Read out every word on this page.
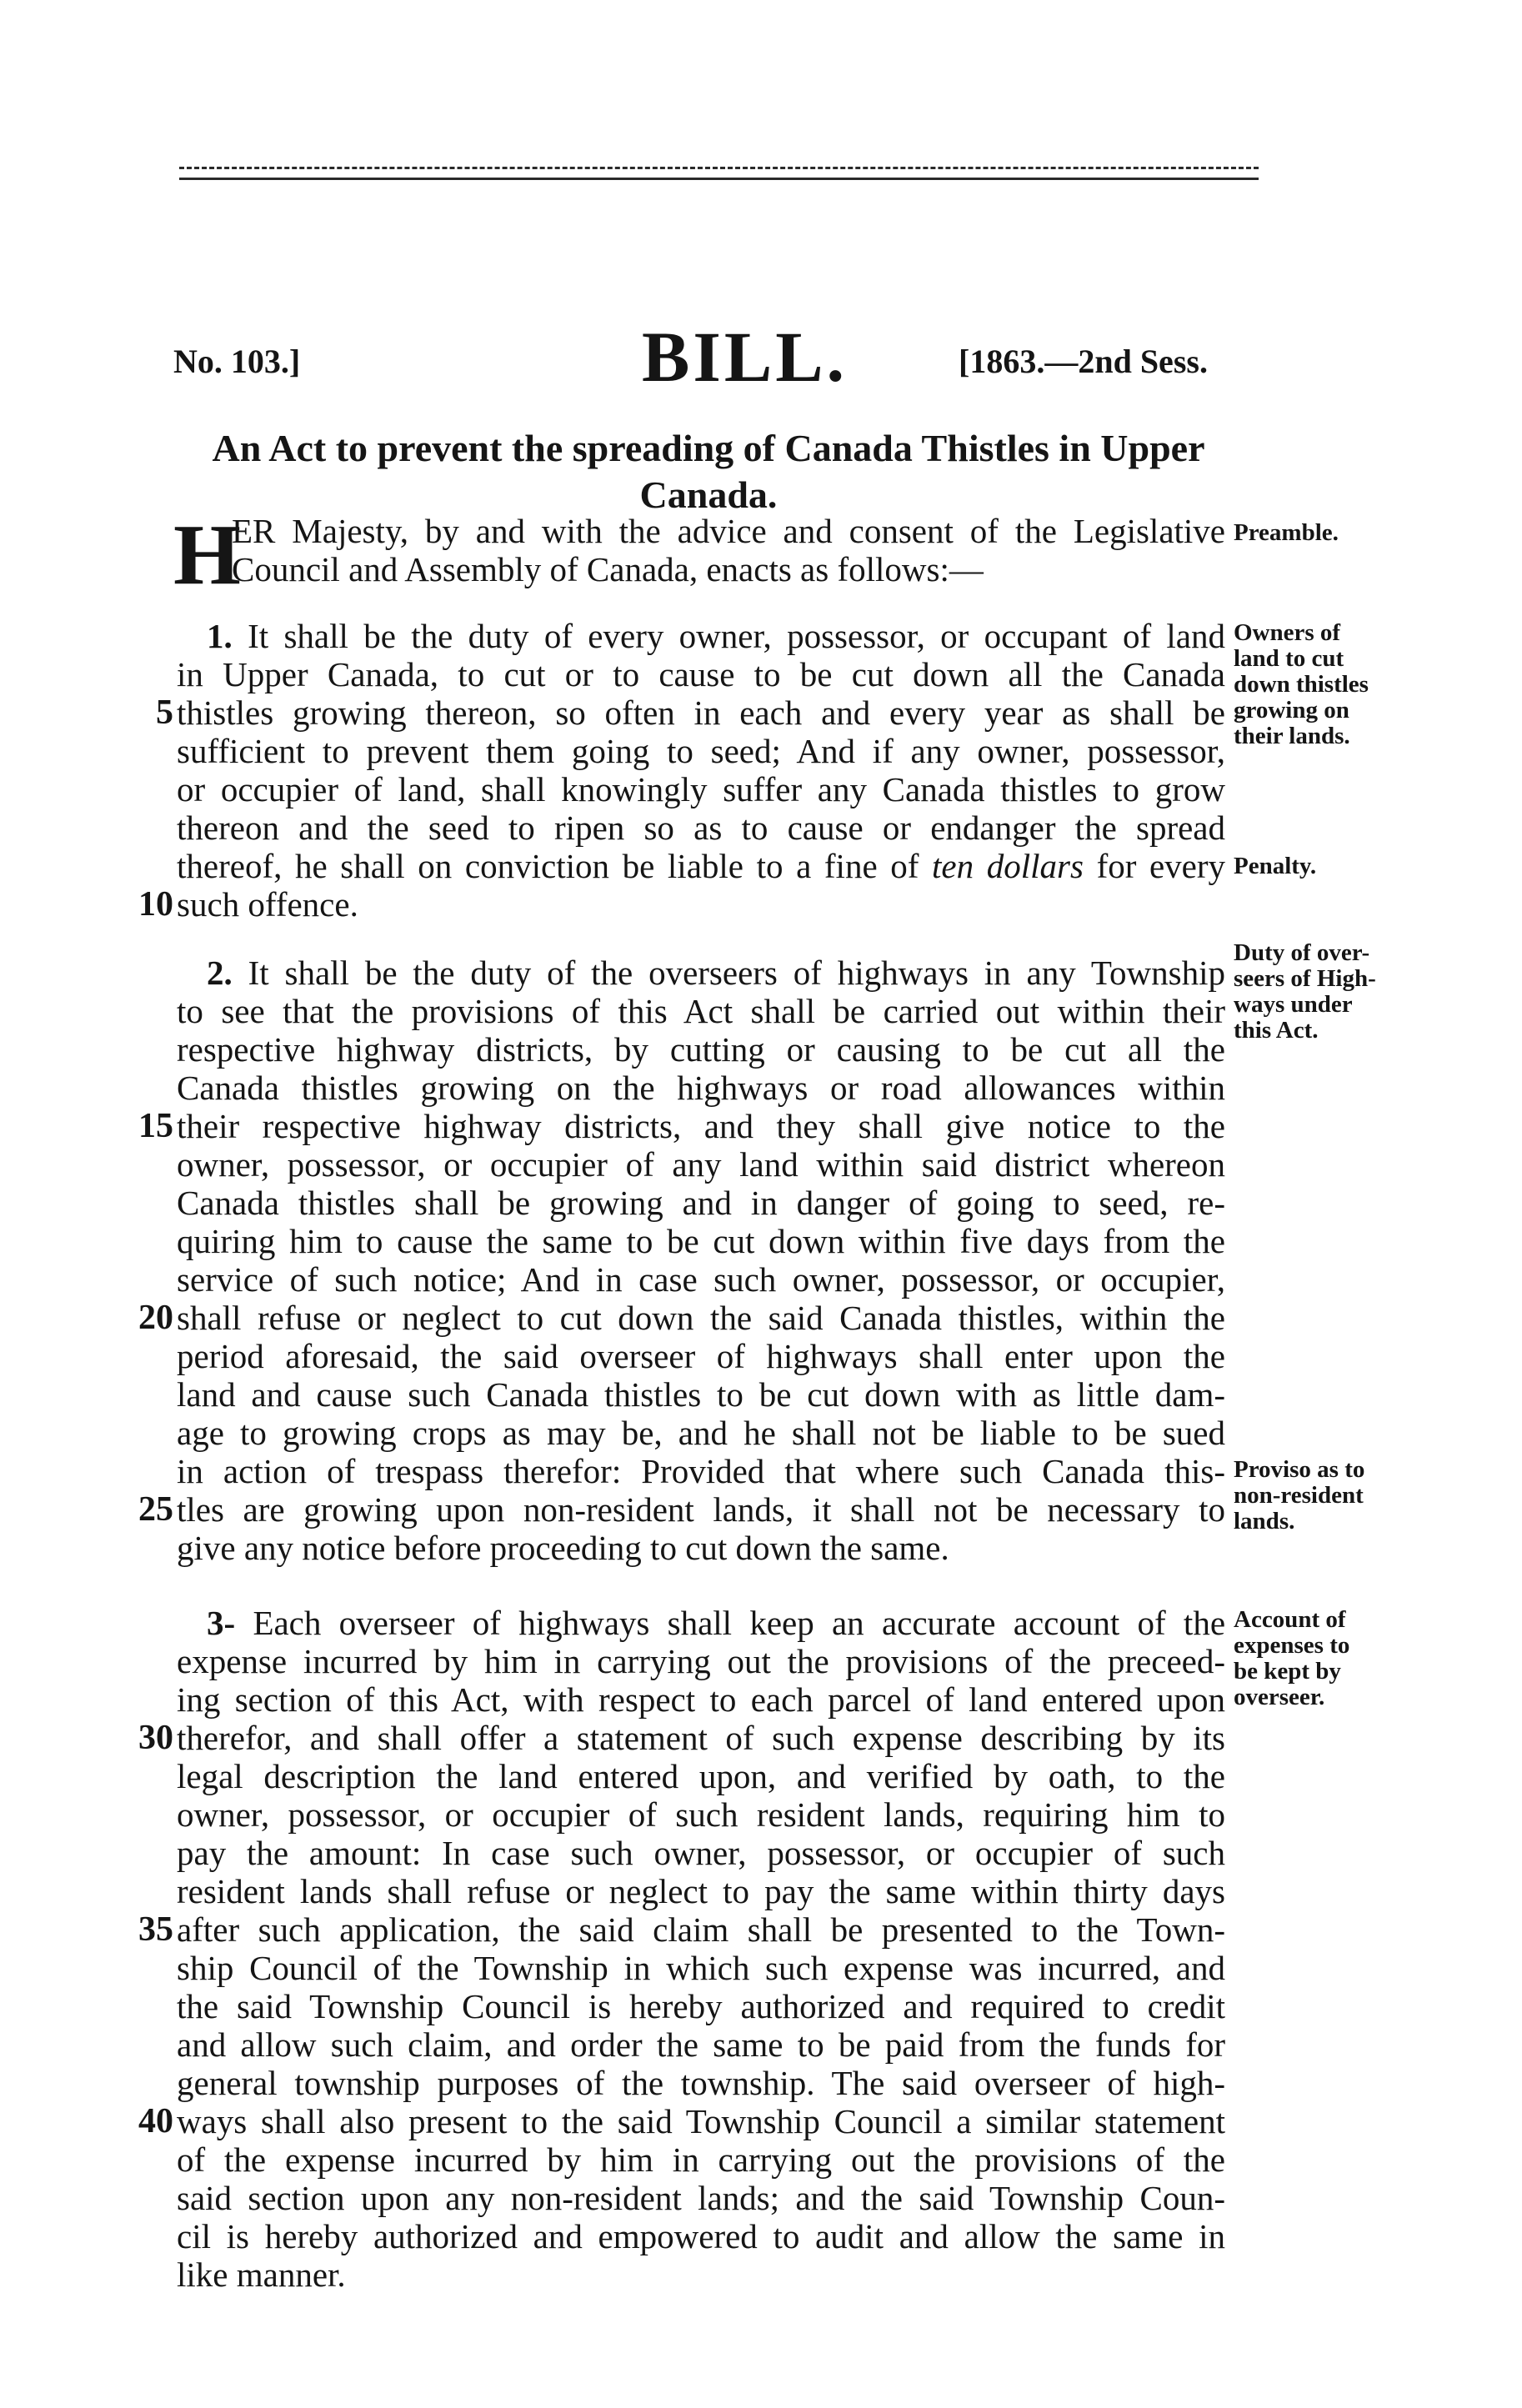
No. 103.]	BILL.	[1863.—2nd Sess.
An Act to prevent the spreading of Canada Thistles in Upper
Canada.
H
ER Majesty, by and with the advice and consent of the Legislative
Council and Assembly of Canada, enacts as follows:—
1. It shall be the duty of every owner, possessor, or occupant of land
in Upper Canada, to cut or to cause to be cut down all the Canada
thistles growing thereon, so often in each and every year as shall be
sufficient to prevent them going to seed; And if any owner, possessor,
or occupier of land, shall knowingly suffer any Canada thistles to grow
thereon and the seed to ripen so as to cause or endanger the spread
thereof, he shall on conviction be liable to a fine of ten dollars for every
such offence.
2. It shall be the duty of the overseers of highways in any Township
to see that the provisions of this Act shall be carried out within their
respective highway districts, by cutting or causing to be cut all the
Canada thistles growing on the highways or road allowances within
their respective highway districts, and they shall give notice to the
owner, possessor, or occupier of any land within said district whereon
Canada thistles shall be growing and in danger of going to seed, re-
quiring him to cause the same to be cut down within five days from the
service of such notice; And in case such owner, possessor, or occupier,
shall refuse or neglect to cut down the said Canada thistles, within the
period aforesaid, the said overseer of highways shall enter upon the
land and cause such Canada thistles to be cut down with as little dam-
age to growing crops as may be, and he shall not be liable to be sued
in action of trespass therefor: Provided that where such Canada this-
tles are growing upon non-resident lands, it shall not be necessary to
give any notice before proceeding to cut down the same.
3- Each overseer of highways shall keep an accurate account of the
expense incurred by him in carrying out the provisions of the preceed-
ing section of this Act, with respect to each parcel of land entered upon
therefor, and shall offer a statement of such expense describing by its
legal description the land entered upon, and verified by oath, to the
owner, possessor, or occupier of such resident lands, requiring him to
pay the amount: In case such owner, possessor, or occupier of such
resident lands shall refuse or neglect to pay the same within thirty days
after such application, the said claim shall be presented to the Town-
ship Council of the Township in which such expense was incurred, and
the said Township Council is hereby authorized and required to credit
and allow such claim, and order the same to be paid from the funds for
general township purposes of the township. The said overseer of high-
ways shall also present to the said Township Council a similar statement
of the expense incurred by him in carrying out the provisions of the
said section upon any non-resident lands; and the said Township Coun-
cil is hereby authorized and empowered to audit and allow the same in
like manner.
5
10
15
20
25
30
35
40
Preamble.
Owners of
land to cut
down thistles
growing on
their lands.
Penalty.
Duty of over-
seers of High-
ways under
this Act.
Proviso as to
non-resident
lands.
Account of
expenses to
be kept by
overseer.
